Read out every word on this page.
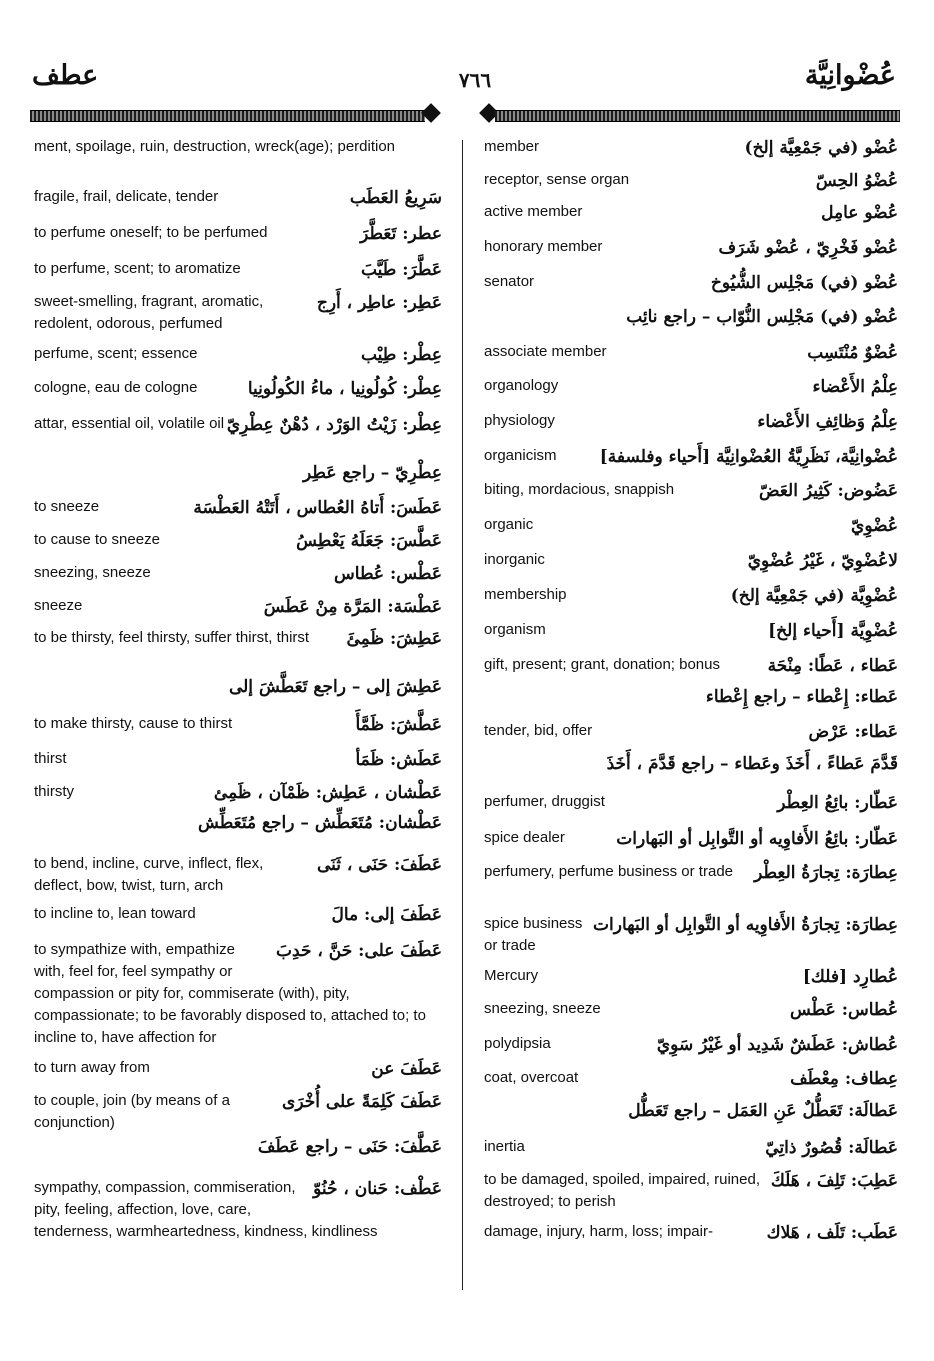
عطف	٧٦٦	عُضْوانِيَّة
ment, spoilage, ruin, destruction, wreck(age); perdition
سَرِيعُ العَطَب
fragile, frail, delicate, tender
عطر: تَعَطَّرَ
to perfume oneself; to be perfumed
عَطَّرَ: طَيَّبَ
to perfume, scent; to aromatize
عَطِر: عاطِر ، أَرِج
sweet-smelling, fragrant, aromatic, redolent, odorous, perfumed
عِطْر: طِيْب
perfume, scent; essence
عِطْر: كُولُونِيا ، ماءُ الكُولُونِيا
cologne, eau de cologne
عِطْر: زَيْتُ الوَرْد ، دُهْنٌ عِطْرِيّ
attar, essential oil, volatile oil
عِطْرِيّ – راجع عَطِر
عَطَسَ: أَتاهُ العُطاس ، أَتَتْهُ العَطْسَة
to sneeze
عَطَّسَ: جَعَلَهُ يَعْطِسُ
to cause to sneeze
عَطْس: عُطاس
sneezing, sneeze
عَطْسَة: المَرَّة مِنْ عَطَسَ
sneeze
عَطِشَ: ظَمِئَ
to be thirsty, feel thirsty, suffer thirst, thirst
عَطِشَ إلى – راجع تَعَطَّشَ إلى
عَطَّشَ: ظَمَّأَ
to make thirsty, cause to thirst
عَطَش: ظَمَأ
thirst
عَطْشان ، عَطِش: ظَمْآن ، ظَمِئ
thirsty
عَطْشان: مُتَعَطِّش – راجع مُتَعَطِّش
عَطَفَ: حَنَى ، ثَنَى
to bend, incline, curve, inflect, flex, deflect, bow, twist, turn, arch
عَطَفَ إلى: مالَ
to incline to, lean toward
عَطَفَ على: حَنَّ ، حَدِبَ
to sympathize with, empathize with, feel for, feel sympathy or compassion or pity for, commiserate (with), pity, compassionate; to be favorably disposed to, attached to; to incline to, have affection for
عَطَفَ عن
to turn away from
عَطَفَ كَلِمَةً على أُخْرَى
to couple, join (by means of a conjunction)
عَطَّفَ: حَنَى – راجع عَطَفَ
عَطْف: حَنان ، حُنُوّ
sympathy, compassion, commiseration, pity, feeling, affection, love, care, tenderness, warmheartedness, kindness, kindliness
عُضْو (في جَمْعِيَّة إلخ)
member
عُضْوُ الحِسّ
receptor, sense organ
عُضْو عامِل
active member
عُضْو فَخْرِيّ ، عُضْو شَرَف
honorary member
عُضْو (في) مَجْلِس الشُّيُوخ
senator
عُضْو (في) مَجْلِس النُّوّاب – راجع نائِب
عُضْوٌ مُنْتَسِب
associate member
عِلْمُ الأَعْضاء
organology
عِلْمُ وَظائِفِ الأَعْضاء
physiology
عُضْوانِيَّة، نَظَرِيَّةُ العُضْوانِيَّة [أَحياء وفلسفة]
organicism
عَضُوض: كَثِيرُ العَضّ
biting, mordacious, snappish
عُضْوِيّ
organic
لاعُضْوِيّ ، غَيْرُ عُضْوِيّ
inorganic
عُضْوِيَّة (في جَمْعِيَّة إلخ)
membership
عُضْوِيَّة [أَحياء إلخ]
organism
عَطاء ، عَطًا: مِنْحَة
gift, present; grant, donation; bonus
عَطاء: إِعْطاء – راجع إِعْطاء
عَطاء: عَرْض
tender, bid, offer
قَدَّمَ عَطاءً ، أَخَذَ وعَطاء – راجع قَدَّمَ ، أَخَذَ
عَطّار: بائِعُ العِطْر
perfumer, druggist
عَطّار: بائِعُ الأَفاوِيه أو التَّوابِل أو البَهارات
spice dealer
عِطارَة: تِجارَةُ العِطْر
perfumery, perfume business or trade
عِطارَة: تِجارَةُ الأَفاوِيه أو التَّوابِل أو البَهارات
spice business or trade
عُطارِد [فلك]
Mercury
عُطاس: عَطْس
sneezing, sneeze
عُطاش: عَطَشٌ شَدِيد أو غَيْرُ سَوِيّ
polydipsia
عِطاف: مِعْطَف
coat, overcoat
عَطالَة: تَعَطُّلٌ عَنِ العَمَل – راجع تَعَطُّل
عَطالَة: قُصُورٌ ذاتِيّ
inertia
عَطِبَ: تَلِفَ ، هَلَكَ
to be damaged, spoiled, impaired, ruined, destroyed; to perish
عَطَب: تَلَف ، هَلاك
damage, injury, harm, loss; impair-
